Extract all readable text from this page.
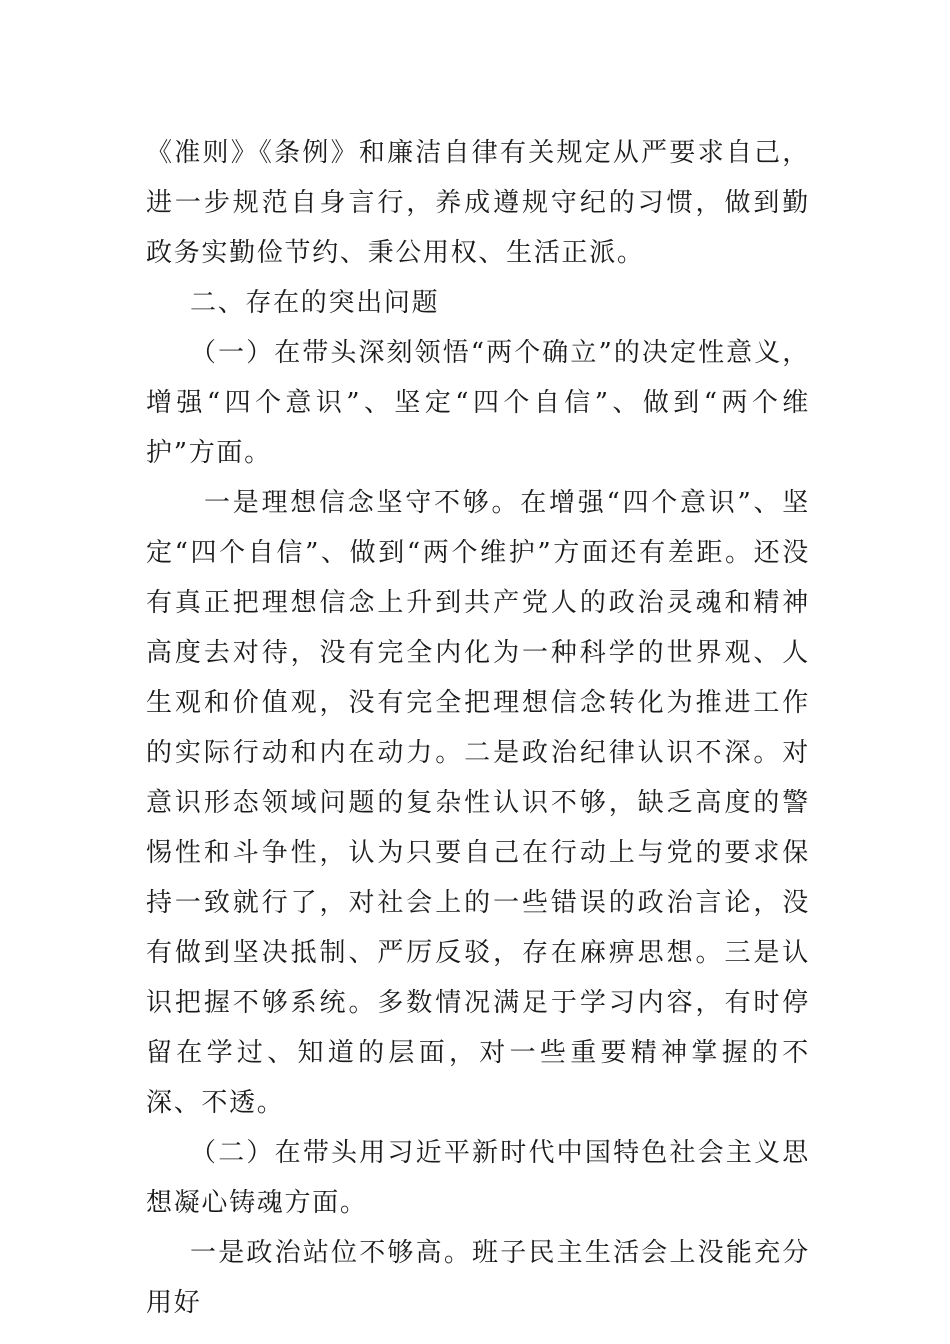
《准则》《条例》和廉洁自律有关规定从严要求自己，进一步规范自身言行，养成遵规守纪的习惯，做到勤政务实勤俭节约、秉公用权、生活正派。

二、存在的突出问题

（一）在带头深刻领悟“两个确立”的决定性意义，增强“四个意识”、坚定“四个自信”、做到“两个维护”方面。

一是理想信念坚守不够。在增强“四个意识”、坚定“四个自信”、做到“两个维护”方面还有差距。还没有真正把理想信念上升到共产党人的政治灵魂和精神高度去对待，没有完全内化为一种科学的世界观、人生观和价值观，没有完全把理想信念转化为推进工作的实际行动和内在动力。二是政治纪律认识不深。对意识形态领域问题的复杂性认识不够，缺乏高度的警惕性和斗争性，认为只要自己在行动上与党的要求保持一致就行了，对社会上的一些错误的政治言论，没有做到坚决抵制、严厉反驳，存在麻痹思想。三是认识把握不够系统。多数情况满足于学习内容，有时停留在学过、知道的层面，对一些重要精神掌握的不深、不透。

（二）在带头用习近平新时代中国特色社会主义思想凝心铸魂方面。

一是政治站位不够高。班子民主生活会上没能充分用好
